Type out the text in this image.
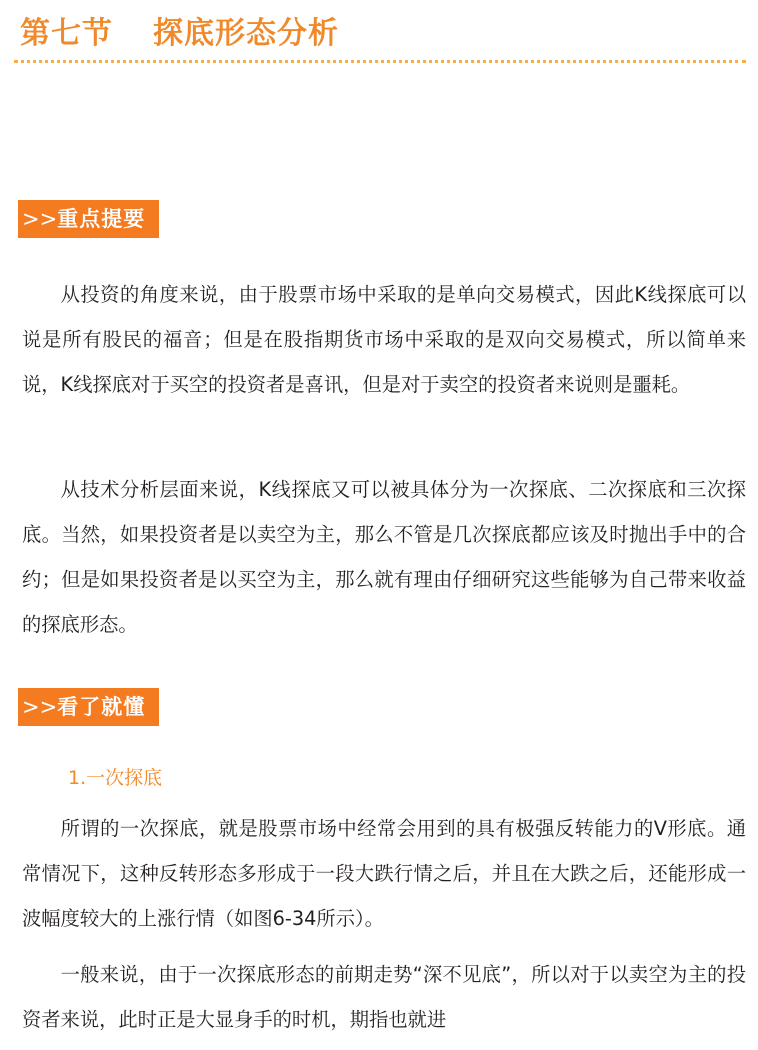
第七节 探底形态分析
>>重点提要

从投资的角度来说，由于股票市场中采取的是单向交易模式，因此K线探底可以说是所有股民的福音；但是在股指期货市场中采取的是双向交易模式，所以简单来说，K线探底对于买空的投资者是喜讯，但是对于卖空的投资者来说则是噩耗。

从技术分析层面来说，K线探底又可以被具体分为一次探底、二次探底和三次探底。当然，如果投资者是以卖空为主，那么不管是几次探底都应该及时抛出手中的合约；但是如果投资者是以买空为主，那么就有理由仔细研究这些能够为自己带来收益的探底形态。

>>看了就懂
1.一次探底

所谓的一次探底，就是股票市场中经常会用到的具有极强反转能力的V形底。通常情况下，这种反转形态多形成于一段大跌行情之后，并且在大跌之后，还能形成一波幅度较大的上涨行情（如图6-34所示）。

一般来说，由于一次探底形态的前期走势“深不见底”，所以对于以卖空为主的投资者来说，此时正是大显身手的时机，期指也就进
